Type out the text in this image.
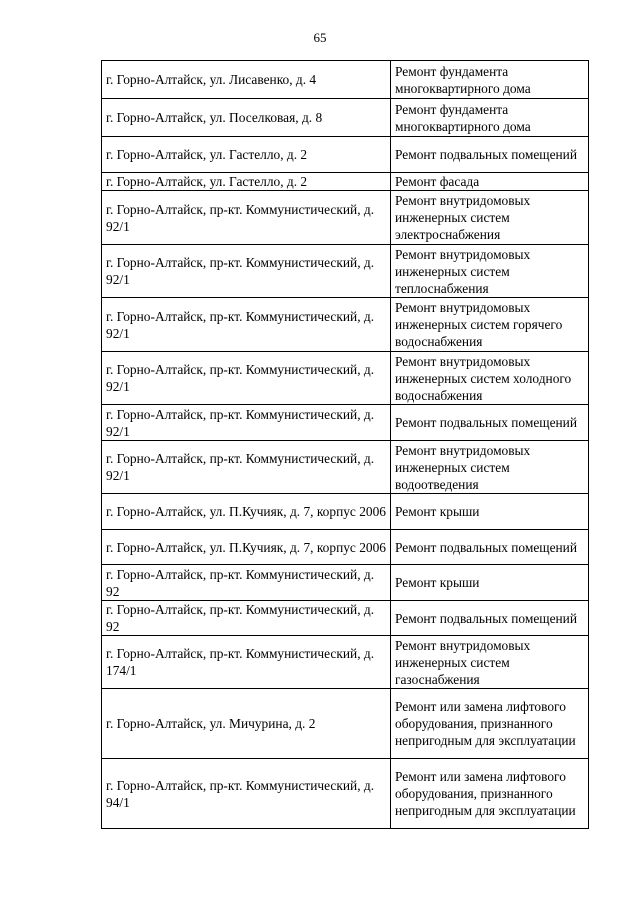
65
г. Горно-Алтайск, ул. Лисавенко, д. 4	Ремонт фундамента многоквартирного дома

г. Горно-Алтайск, ул. Поселковая, д. 8	Ремонт фундамента многоквартирного дома

г. Горно-Алтайск, ул. Гастелло, д. 2	Ремонт подвальных помещений

г. Горно-Алтайск, ул. Гастелло, д. 2	Ремонт фасада

г. Горно-Алтайск, пр-кт. Коммунистический, д. 92/1	Ремонт внутридомовых инженерных систем электроснабжения

г. Горно-Алтайск, пр-кт. Коммунистический, д. 92/1	Ремонт внутридомовых инженерных систем теплоснабжения

г. Горно-Алтайск, пр-кт. Коммунистический, д. 92/1	Ремонт внутридомовых инженерных систем горячего водоснабжения

г. Горно-Алтайск, пр-кт. Коммунистический, д. 92/1	Ремонт внутридомовых инженерных систем холодного водоснабжения

г. Горно-Алтайск, пр-кт. Коммунистический, д. 92/1	Ремонт подвальных помещений

г. Горно-Алтайск, пр-кт. Коммунистический, д. 92/1	Ремонт внутридомовых инженерных систем водоотведения

г. Горно-Алтайск, ул. П.Кучияк, д. 7, корпус 2006	Ремонт крыши

г. Горно-Алтайск, ул. П.Кучияк, д. 7, корпус 2006	Ремонт подвальных помещений

г. Горно-Алтайск, пр-кт. Коммунистический, д. 92	Ремонт крыши

г. Горно-Алтайск, пр-кт. Коммунистический, д. 92	Ремонт подвальных помещений

г. Горно-Алтайск, пр-кт. Коммунистический, д. 174/1	Ремонт внутридомовых инженерных систем газоснабжения

г. Горно-Алтайск, ул. Мичурина, д. 2	Ремонт или замена лифтового оборудования, признанного непригодным для эксплуатации

г. Горно-Алтайск, пр-кт. Коммунистический, д. 94/1	Ремонт или замена лифтового оборудования, признанного непригодным для эксплуатации
